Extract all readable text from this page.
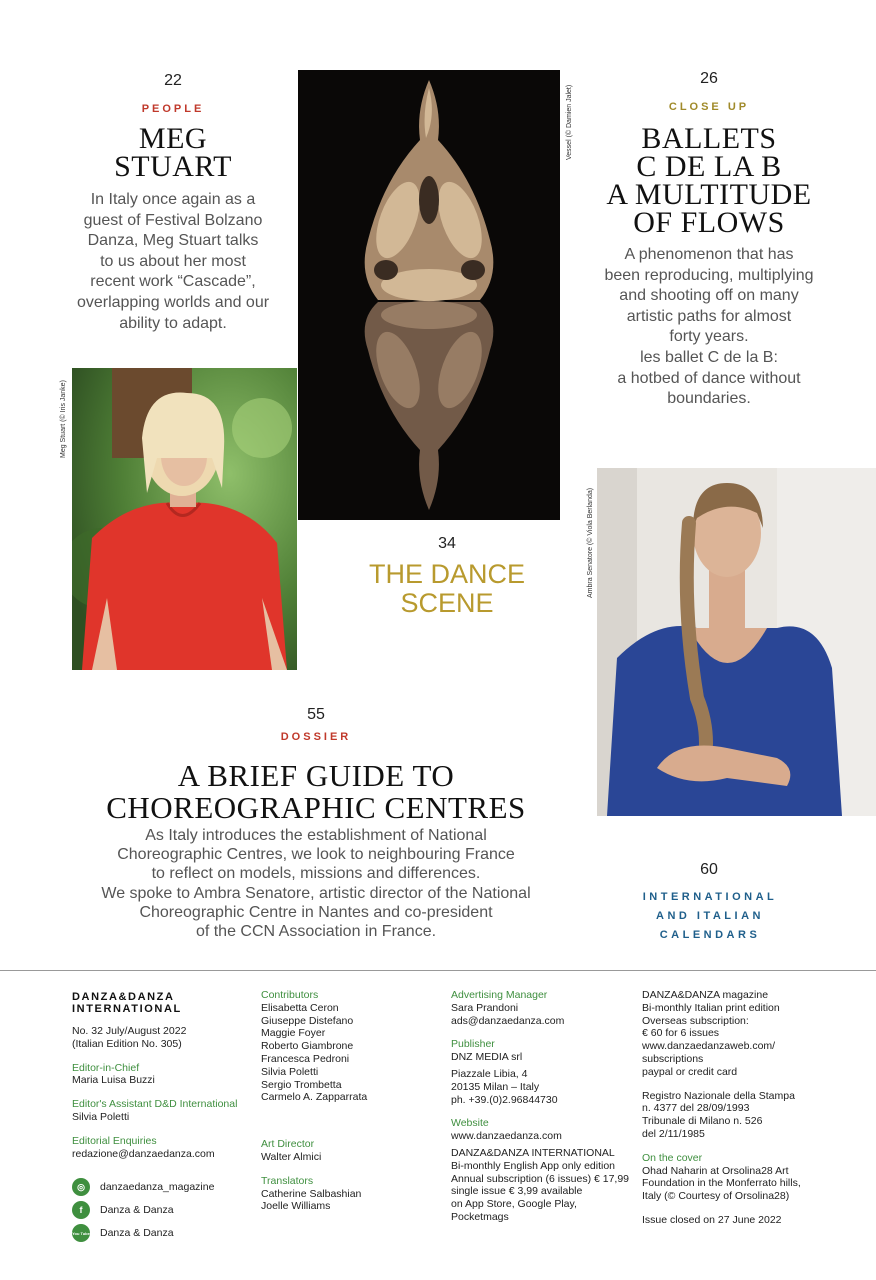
22
PEOPLE
MEG
STUART
In Italy once again as a
guest of Festival Bolzano
Danza, Meg Stuart talks
to us about her most
recent work “Cascade”,
overlapping worlds and our
ability to adapt.
Meg Stuart (© Iris Janke)
Vessel (© Damien Jalet)
34
THE DANCE
SCENE
26
CLOSE UP
BALLETS
C DE LA B
A MULTITUDE
OF FLOWS
A phenomenon that has
been reproducing, multiplying
and shooting off on many
artistic paths for almost
forty years.
les ballet C de la B:
a hotbed of dance without
boundaries.
Ambra Senatore (© Viola Berlanda)
55
DOSSIER
A BRIEF GUIDE TO
CHOREOGRAPHIC CENTRES
As Italy introduces the establishment of National
Choreographic Centres, we look to neighbouring France
to reflect on models, missions and differences.
We spoke to Ambra Senatore, artistic director of the National
Choreographic Centre in Nantes and co-president
of the CCN Association in France.
60
INTERNATIONAL
AND ITALIAN
CALENDARS
DANZA&DANZA
INTERNATIONAL
No. 32 July/August 2022
(Italian Edition No. 305)
Editor-in-Chief
Maria Luisa Buzzi
Editor's Assistant D&D International
Silvia Poletti
Editorial Enquiries
redazione@danzaedanza.com
◎	danzaedanza_magazine
f	Danza & Danza
You Tube Danza & Danza
Contributors
Elisabetta Ceron
Giuseppe Distefano
Maggie Foyer
Roberto Giambrone
Francesca Pedroni
Silvia Poletti
Sergio Trombetta
Carmelo A. Zapparrata
Art Director
Walter Almici
Translators
Catherine Salbashian
Joelle Williams
Advertising Manager
Sara Prandoni
ads@danzaedanza.com
Publisher
DNZ MEDIA srl
Piazzale Libia, 4
20135 Milan – Italy
ph. +39.(0)2.96844730
Website
www.danzaedanza.com
DANZA&DANZA INTERNATIONAL
Bi-monthly English App only edition
Annual subscription (6 issues) € 17,99
single issue € 3,99 available
on App Store, Google Play,
Pocketmags
DANZA&DANZA magazine
Bi-monthly Italian print edition
Overseas subscription:
€ 60 for 6 issues
www.danzaedanzaweb.com/
subscriptions
paypal or credit card
Registro Nazionale della Stampa
n. 4377 del 28/09/1993
Tribunale di Milano n. 526
del 2/11/1985
On the cover
Ohad Naharin at Orsolina28 Art
Foundation in the Monferrato hills,
Italy (© Courtesy of Orsolina28)
Issue closed on 27 June 2022
